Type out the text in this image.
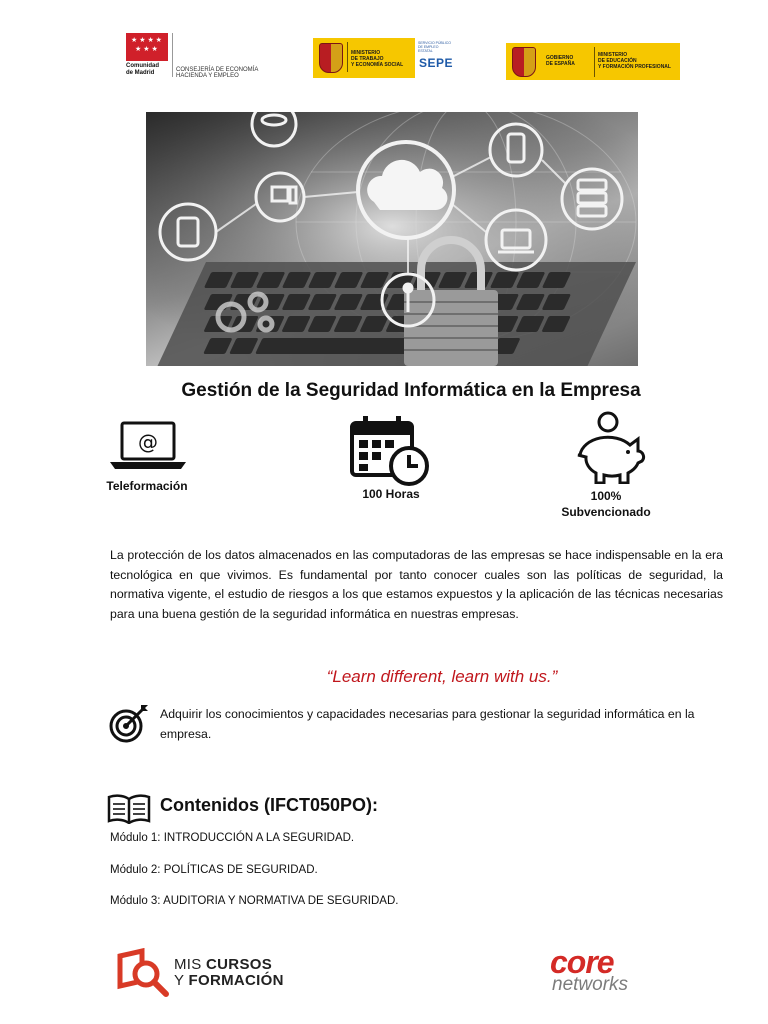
★ ★ ★ ★
★ ★ ★
Comunidad
de Madrid	CONSEJERÍA DE ECONOMÍA
HACIENDA Y EMPLEO
MINISTERIO
DE TRABAJO
Y ECONOMÍA SOCIAL
SERVICIO PÚBLICO DE EMPLEO ESTATAL
SEPE	GOBIERNO
DE ESPAÑA
MINISTERIO
DE EDUCACIÓN
Y FORMACIÓN PROFESIONAL
Gestión de la Seguridad Informática en la Empresa
@
Teleformación
100 Horas	100%
Subvencionado
La protección de los datos almacenados en las computadoras de las empresas se hace indispensable en la era tecnológica en que vivimos. Es fundamental por tanto conocer cuales son las políticas de seguridad, la normativa vigente, el estudio de riesgos a los que estamos expuestos y la aplicación de las técnicas necesarias para una buena gestión de la seguridad informática en nuestras empresas.
“Learn different, learn with us.”
Adquirir los conocimientos y capacidades necesarias para gestionar la seguridad informática en la empresa.
Contenidos (IFCT050PO):
Módulo 1: INTRODUCCIÓN A LA SEGURIDAD.
Módulo 2: POLÍTICAS DE SEGURIDAD.
Módulo 3: AUDITORIA Y NORMATIVA DE SEGURIDAD.
MIS CURSOS
Y FORMACIÓN
core
networks
